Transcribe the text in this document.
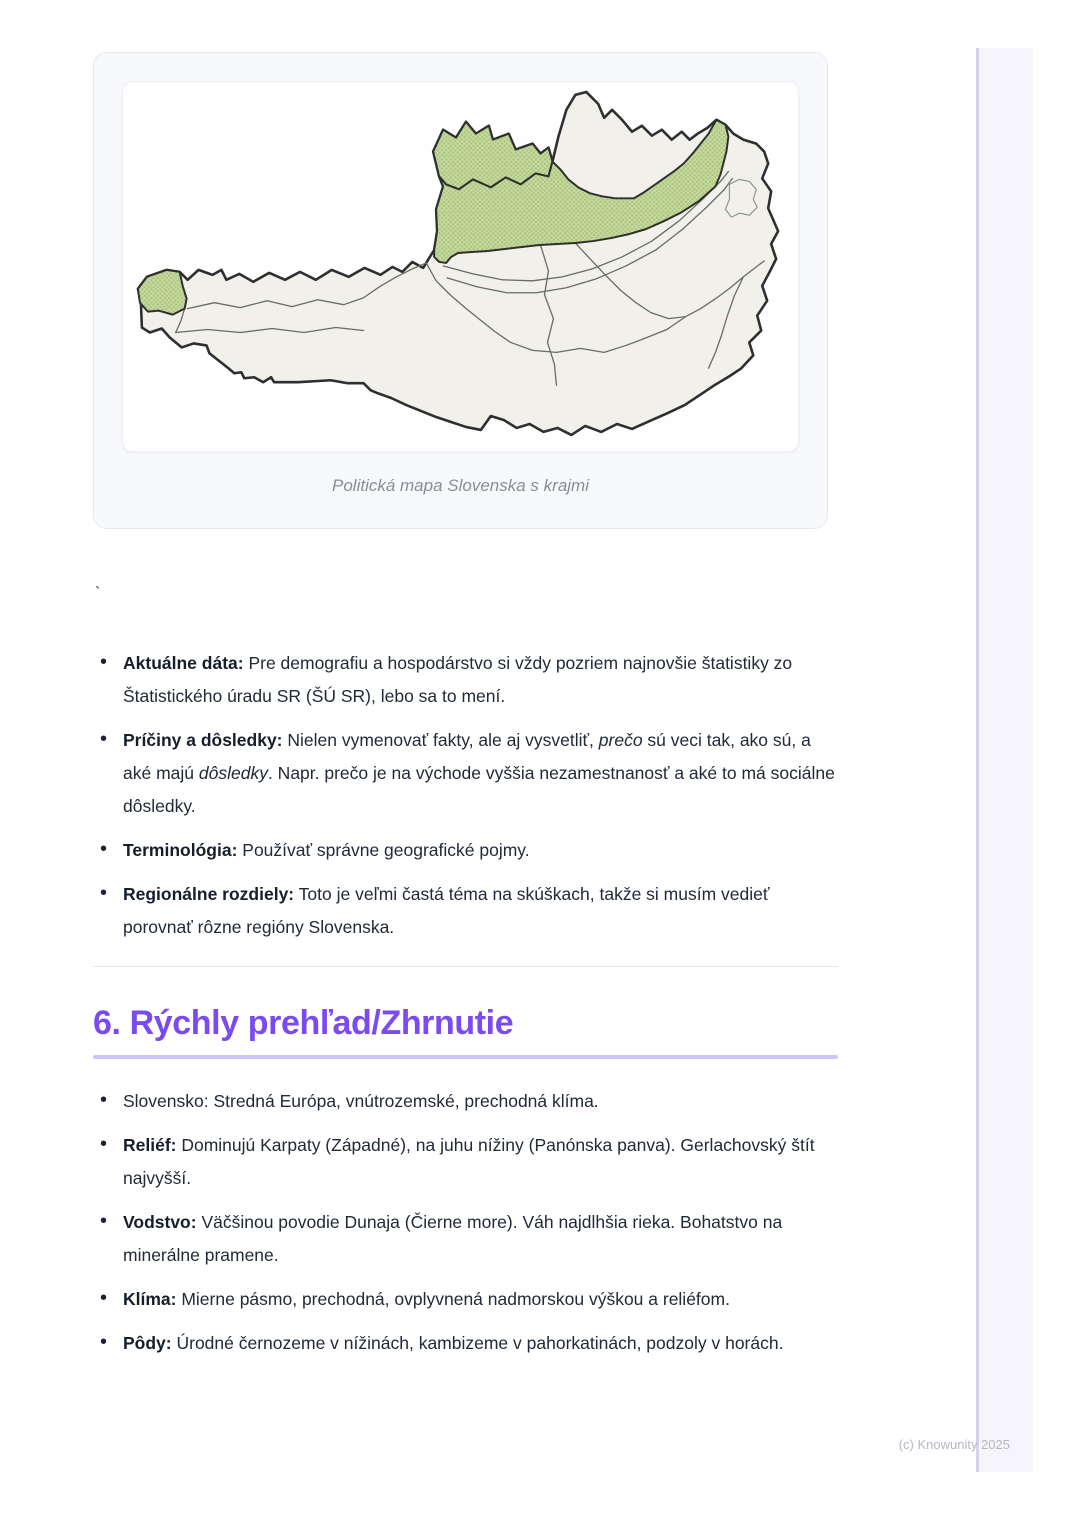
Politická mapa Slovenska s krajmi
`
• Aktuálne dáta: Pre demografiu a hospodárstvo si vždy pozriem najnovšie štatistiky zo Štatistického úradu SR (ŠÚ SR), lebo sa to mení.
• Príčiny a dôsledky: Nielen vymenovať fakty, ale aj vysvetliť, prečo sú veci tak, ako sú, a aké majú dôsledky. Napr. prečo je na východe vyššia nezamestnanosť a aké to má sociálne dôsledky.
• Terminológia: Používať správne geografické pojmy.
• Regionálne rozdiely: Toto je veľmi častá téma na skúškach, takže si musím vedieť porovnať rôzne regióny Slovenska.
6. Rýchly prehľad/Zhrnutie
• Slovensko: Stredná Európa, vnútrozemské, prechodná klíma.
• Reliéf: Dominujú Karpaty (Západné), na juhu nížiny (Panónska panva). Gerlachovský štít najvyšší.
• Vodstvo: Väčšinou povodie Dunaja (Čierne more). Váh najdlhšia rieka. Bohatstvo na minerálne pramene.
• Klíma: Mierne pásmo, prechodná, ovplyvnená nadmorskou výškou a reliéfom.
• Pôdy: Úrodné černozeme v nížinách, kambizeme v pahorkatinách, podzoly v horách.
(c) Knowunity 2025
